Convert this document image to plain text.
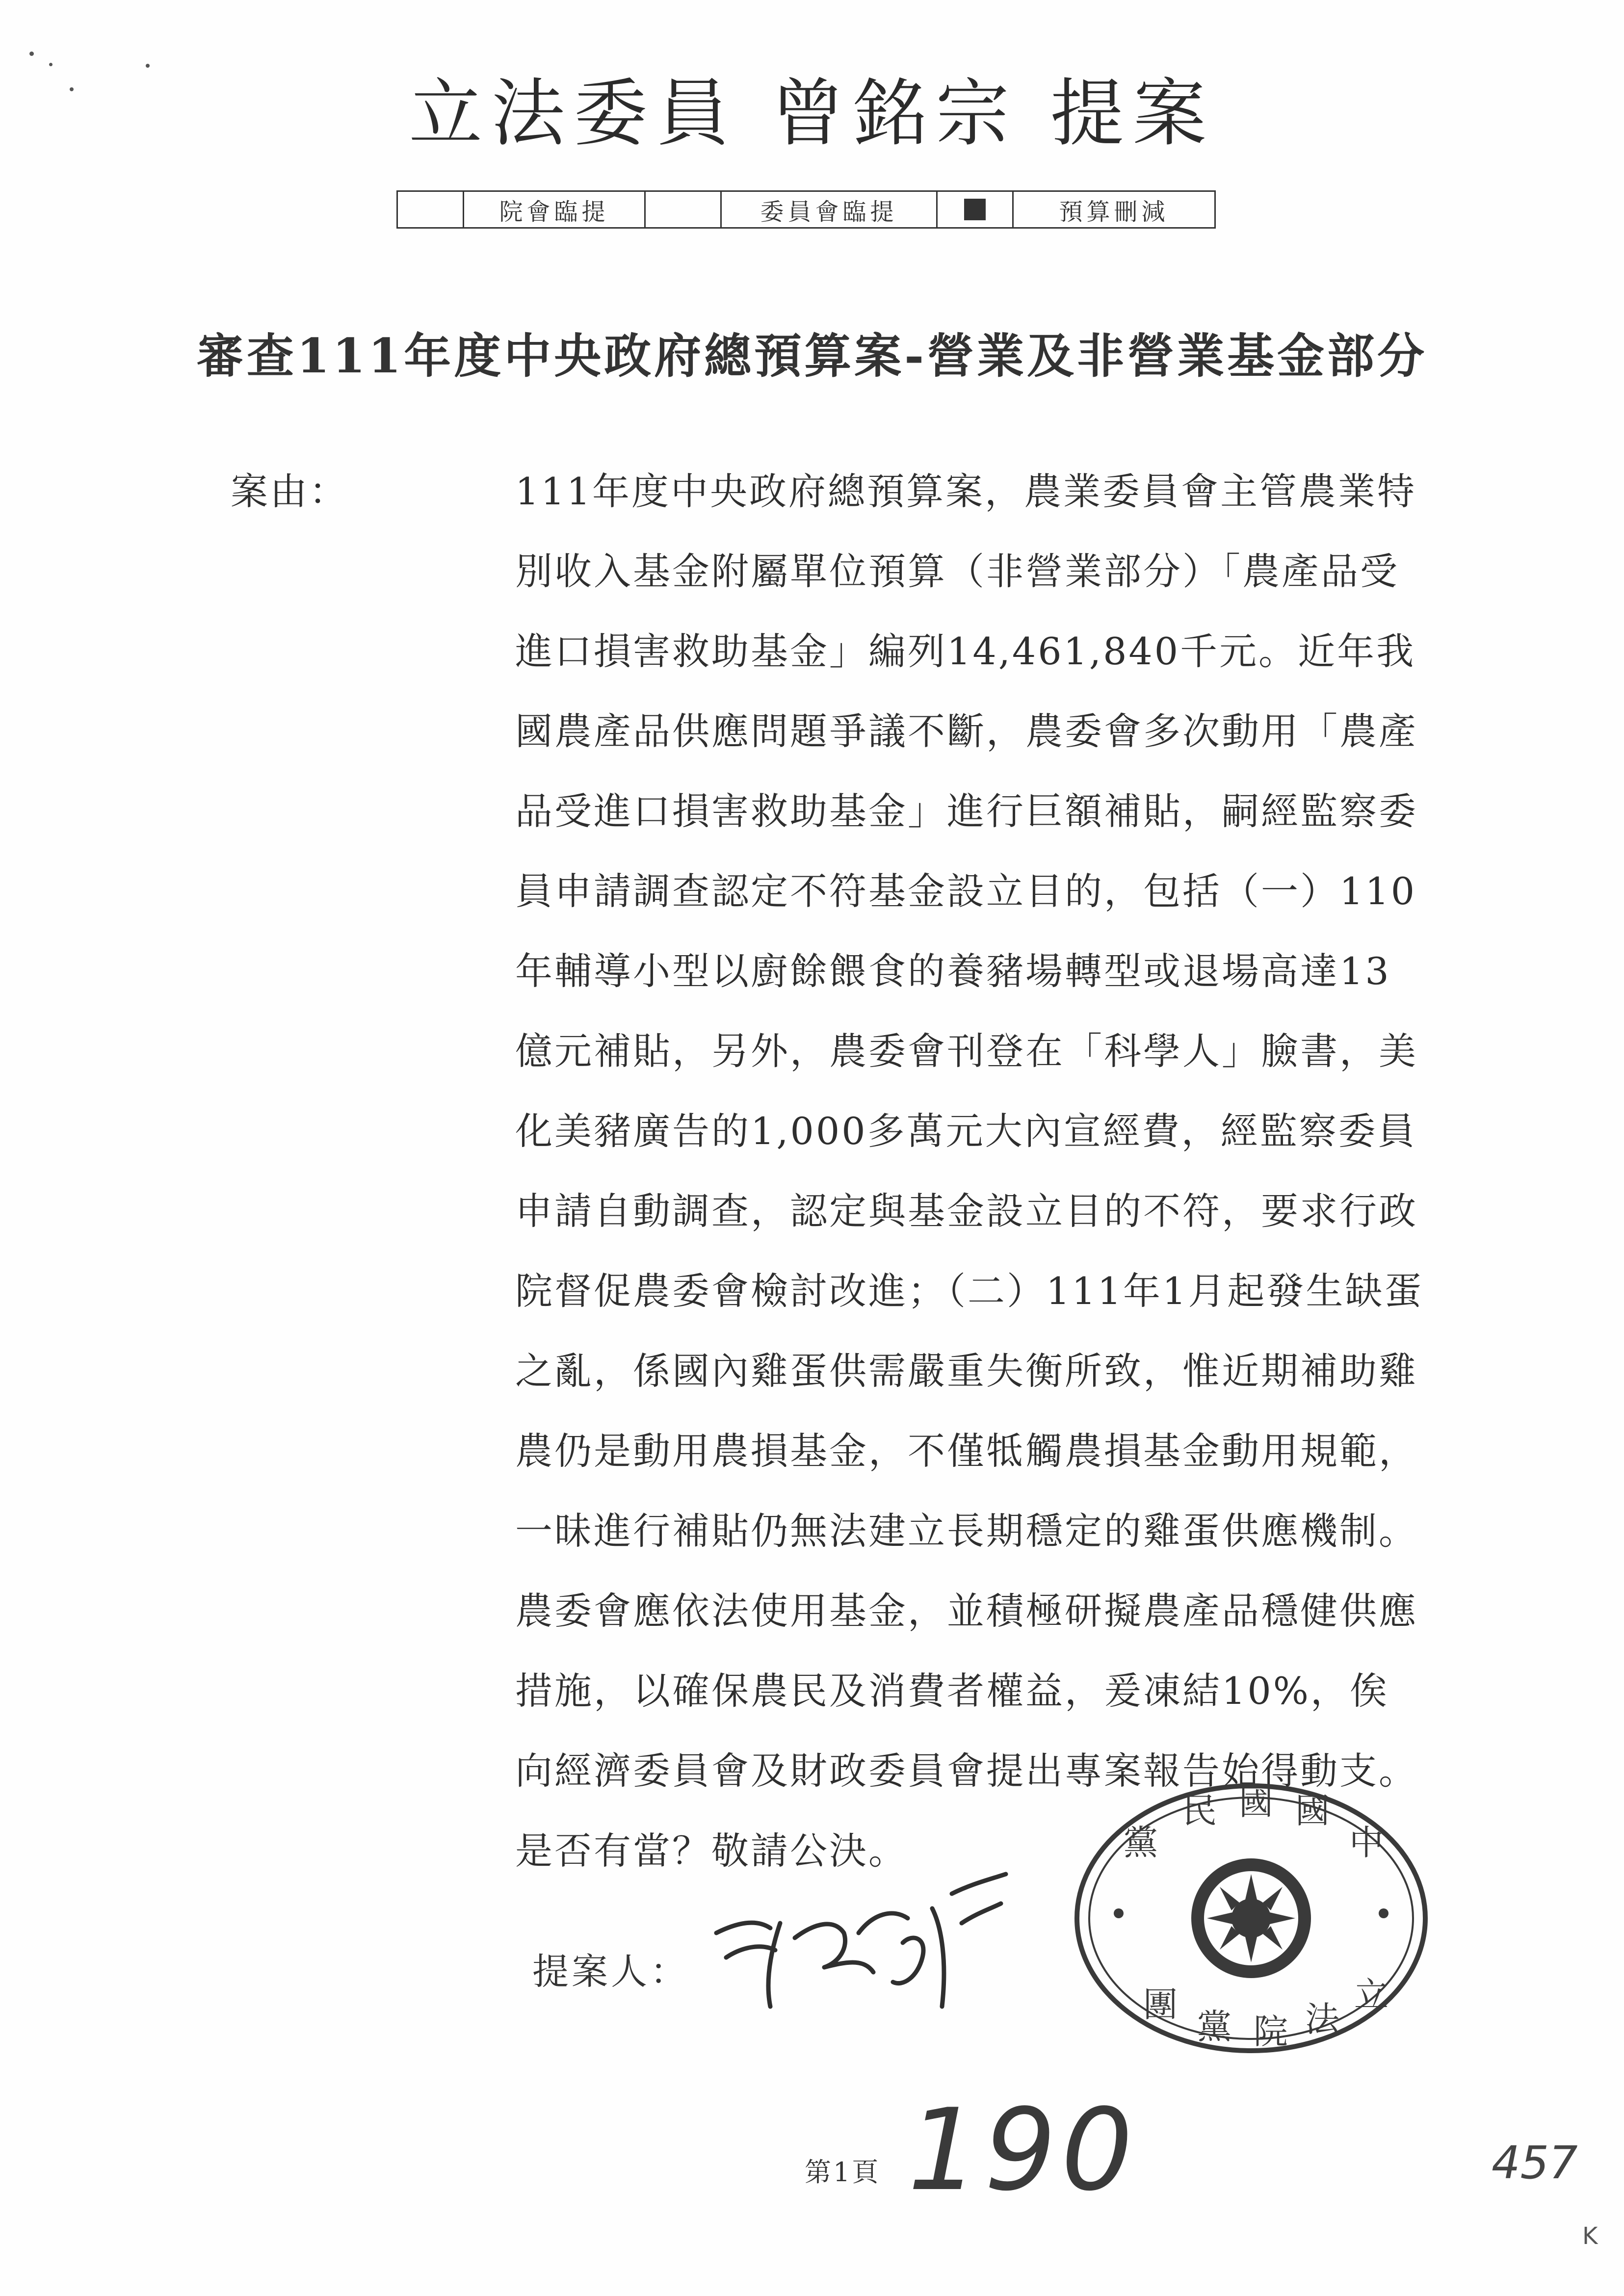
立法委員 曾銘宗 提案
院會臨提	委員會臨提	預算刪減
審查111年度中央政府總預算案-營業及非營業基金部分
案由：	111年度中央政府總預算案，農業委員會主管農業特別收入基金附屬單位預算（非營業部分）「農產品受進口損害救助基金」編列14,461,840千元。近年我國農產品供應問題爭議不斷，農委會多次動用「農產品受進口損害救助基金」進行巨額補貼，嗣經監察委員申請調查認定不符基金設立目的，包括（一）110年輔導小型以廚餘餵食的養豬場轉型或退場高達13億元補貼，另外，農委會刊登在「科學人」臉書，美化美豬廣告的1,000多萬元大內宣經費，經監察委員申請自動調查，認定與基金設立目的不符，要求行政院督促農委會檢討改進；（二）111年1月起發生缺蛋之亂，係國內雞蛋供需嚴重失衡所致，惟近期補助雞農仍是動用農損基金，不僅牴觸農損基金動用規範，一昧進行補貼仍無法建立長期穩定的雞蛋供應機制。農委會應依法使用基金，並積極研擬農產品穩健供應措施，以確保農民及消費者權益，爰凍結10%，俟向經濟委員會及財政委員會提出專案報告始得動支。是否有當？敬請公決。
提案人：
黨
民 國 國
中
團
黨 院 法
立
第1頁 190	457
K
